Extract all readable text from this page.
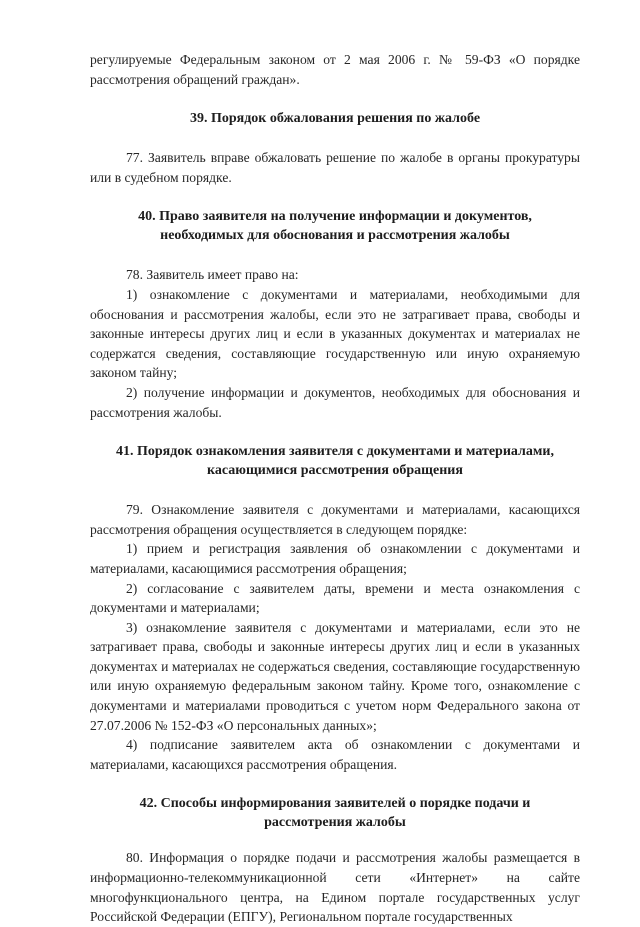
регулируемые Федеральным законом от 2 мая 2006 г. № 59-ФЗ «О порядке рассмотрения обращений граждан».

39. Порядок обжалования решения по жалобе

77. Заявитель вправе обжаловать решение по жалобе в органы прокуратуры или в судебном порядке.

40. Право заявителя на получение информации и документов,
необходимых для обоснования и рассмотрения жалобы

78. Заявитель имеет право на:

1) ознакомление с документами и материалами, необходимыми для обоснования и рассмотрения жалобы, если это не затрагивает права, свободы и законные интересы других лиц и если в указанных документах и материалах не содержатся сведения, составляющие государственную или иную охраняемую законом тайну;

2) получение информации и документов, необходимых для обоснования и рассмотрения жалобы.

41. Порядок ознакомления заявителя с документами и материалами,
касающимися рассмотрения обращения

79. Ознакомление заявителя с документами и материалами, касающихся рассмотрения обращения осуществляется в следующем порядке:

1) прием и регистрация заявления об ознакомлении с документами и материалами, касающимися рассмотрения обращения;

2) согласование с заявителем даты, времени и места ознакомления с документами и материалами;

3) ознакомление заявителя с документами и материалами, если это не затрагивает права, свободы и законные интересы других лиц и если в указанных документах и материалах не содержаться сведения, составляющие государственную или иную охраняемую федеральным законом тайну. Кроме того, ознакомление с документами и материалами проводиться с учетом норм Федерального закона от 27.07.2006 № 152-ФЗ «О персональных данных»;

4) подписание заявителем акта об ознакомлении с документами и материалами, касающихся рассмотрения обращения.

42. Способы информирования заявителей о порядке подачи и
рассмотрения жалобы

80. Информация о порядке подачи и рассмотрения жалобы размещается в информационно-телекоммуникационной сети «Интернет» на сайте многофункционального центра, на Едином портале государственных услуг Российской Федерации (ЕПГУ), Региональном портале государственных
